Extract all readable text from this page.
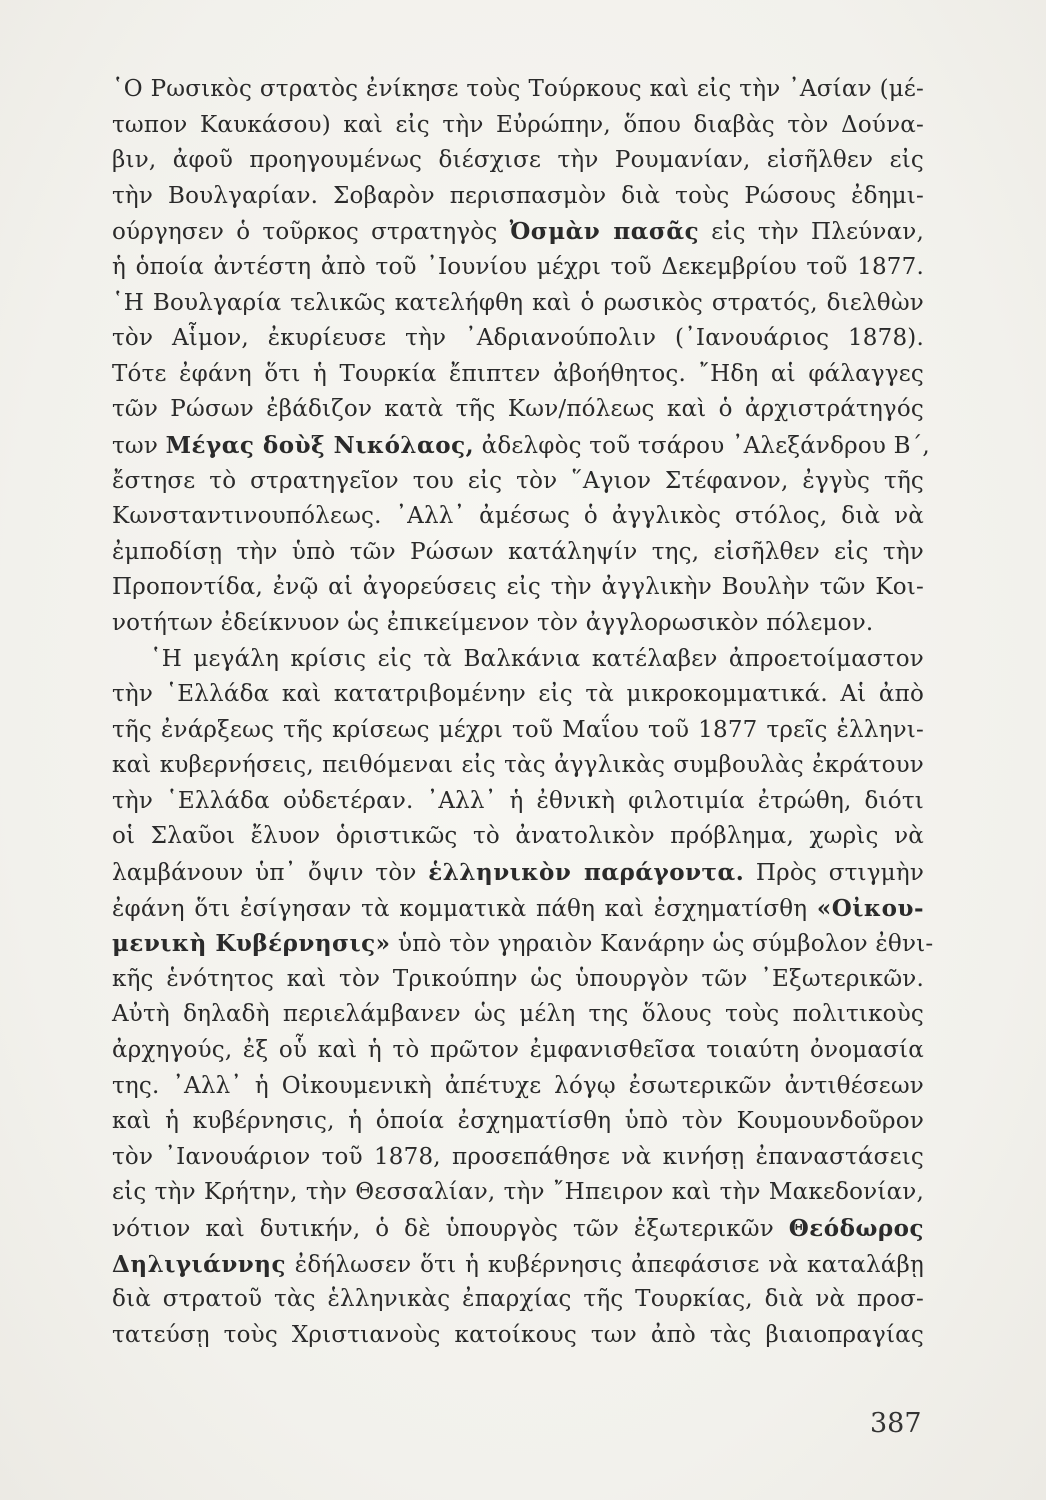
῾Ο Ρωσικὸς στρατὸς ἐνίκησε τοὺς Τούρκους καὶ εἰς τὴν ᾿Ασίαν (μέ-
τωπον Καυκάσου) καὶ εἰς τὴν Εὐρώπην, ὅπου διαβὰς τὸν Δούνα-
βιν, ἀφοῦ προηγουμένως διέσχισε τὴν Ρουμανίαν, εἰσῆλθεν εἰς
τὴν Βουλγαρίαν. Σοβαρὸν περισπασμὸν διὰ τοὺς Ρώσους ἐδημι-
ούργησεν ὁ τοῦρκος στρατηγὸς Ὀσμὰν πασᾶς εἰς τὴν Πλεύναν,
ἡ ὁποία ἀντέστη ἀπὸ τοῦ ᾿Ιουνίου μέχρι τοῦ Δεκεμβρίου τοῦ 1877.
῾Η Βουλγαρία τελικῶς κατελήφθη καὶ ὁ ρωσικὸς στρατός, διελθὼν
τὸν Αἷμον, ἐκυρίευσε τὴν ᾿Αδριανούπολιν (᾿Ιανουάριος 1878).
Τότε ἐφάνη ὅτι ἡ Τουρκία ἔπιπτεν ἀβοήθητος. ῎Ηδη αἱ φάλαγγες
τῶν Ρώσων ἐβάδιζον κατὰ τῆς Κων/πόλεως καὶ ὁ ἀρχιστράτηγός
των Μέγας δοὺξ Νικόλαος, ἀδελφὸς τοῦ τσάρου ᾿Αλεξάνδρου Β΄,
ἔστησε τὸ στρατηγεῖον του εἰς τὸν ῞Αγιον Στέφανον, ἐγγὺς τῆς
Κωνσταντινουπόλεως. ᾿Αλλ᾿ ἀμέσως ὁ ἀγγλικὸς στόλος, διὰ νὰ
ἐμποδίσῃ τὴν ὑπὸ τῶν Ρώσων κατάληψίν της, εἰσῆλθεν εἰς τὴν
Προποντίδα, ἐνῷ αἱ ἀγορεύσεις εἰς τὴν ἀγγλικὴν Βουλὴν τῶν Κοι-
νοτήτων ἐδείκνυον ὡς ἐπικείμενον τὸν ἀγγλορωσικὸν πόλεμον.
῾Η μεγάλη κρίσις εἰς τὰ Βαλκάνια κατέλαβεν ἀπροετοίμαστον
τὴν ῾Ελλάδα καὶ κατατριβομένην εἰς τὰ μικροκομματικά. Αἱ ἀπὸ
τῆς ἐνάρξεως τῆς κρίσεως μέχρι τοῦ Μαΐου τοῦ 1877 τρεῖς ἑλληνι-
καὶ κυβερνήσεις, πειθόμεναι εἰς τὰς ἀγγλικὰς συμβουλὰς ἐκράτουν
τὴν ῾Ελλάδα οὐδετέραν. ᾿Αλλ᾿ ἡ ἐθνικὴ φιλοτιμία ἐτρώθη, διότι
οἱ Σλαῦοι ἔλυον ὁριστικῶς τὸ ἀνατολικὸν πρόβλημα, χωρὶς νὰ
λαμβάνουν ὑπ᾿ ὄψιν τὸν ἑλληνικὸν παράγοντα. Πρὸς στιγμὴν
ἐφάνη ὅτι ἐσίγησαν τὰ κομματικὰ πάθη καὶ ἐσχηματίσθη «Οἰκου-
μενικὴ Κυβέρνησις» ὑπὸ τὸν γηραιὸν Κανάρην ὡς σύμβολον ἐθνι-
κῆς ἑνότητος καὶ τὸν Τρικούπην ὡς ὑπουργὸν τῶν ᾿Εξωτερικῶν.
Αὐτὴ δηλαδὴ περιελάμβανεν ὡς μέλη της ὅλους τοὺς πολιτικοὺς
ἀρχηγούς, ἐξ οὗ καὶ ἡ τὸ πρῶτον ἐμφανισθεῖσα τοιαύτη ὀνομασία
της. ᾿Αλλ᾿ ἡ Οἰκουμενικὴ ἀπέτυχε λόγῳ ἐσωτερικῶν ἀντιθέσεων
καὶ ἡ κυβέρνησις, ἡ ὁποία ἐσχηματίσθη ὑπὸ τὸν Κουμουνδοῦρον
τὸν ᾿Ιανουάριον τοῦ 1878, προσεπάθησε νὰ κινήσῃ ἐπαναστάσεις
εἰς τὴν Κρήτην, τὴν Θεσσαλίαν, τὴν ῎Ηπειρον καὶ τὴν Μακεδονίαν,
νότιον καὶ δυτικήν, ὁ δὲ ὑπουργὸς τῶν ἐξωτερικῶν Θεόδωρος
Δηλιγιάννης ἐδήλωσεν ὅτι ἡ κυβέρνησις ἀπεφάσισε νὰ καταλάβῃ
διὰ στρατοῦ τὰς ἑλληνικὰς ἐπαρχίας τῆς Τουρκίας, διὰ νὰ προσ-
τατεύσῃ τοὺς Χριστιανοὺς κατοίκους των ἀπὸ τὰς βιαιοπραγίας
387
